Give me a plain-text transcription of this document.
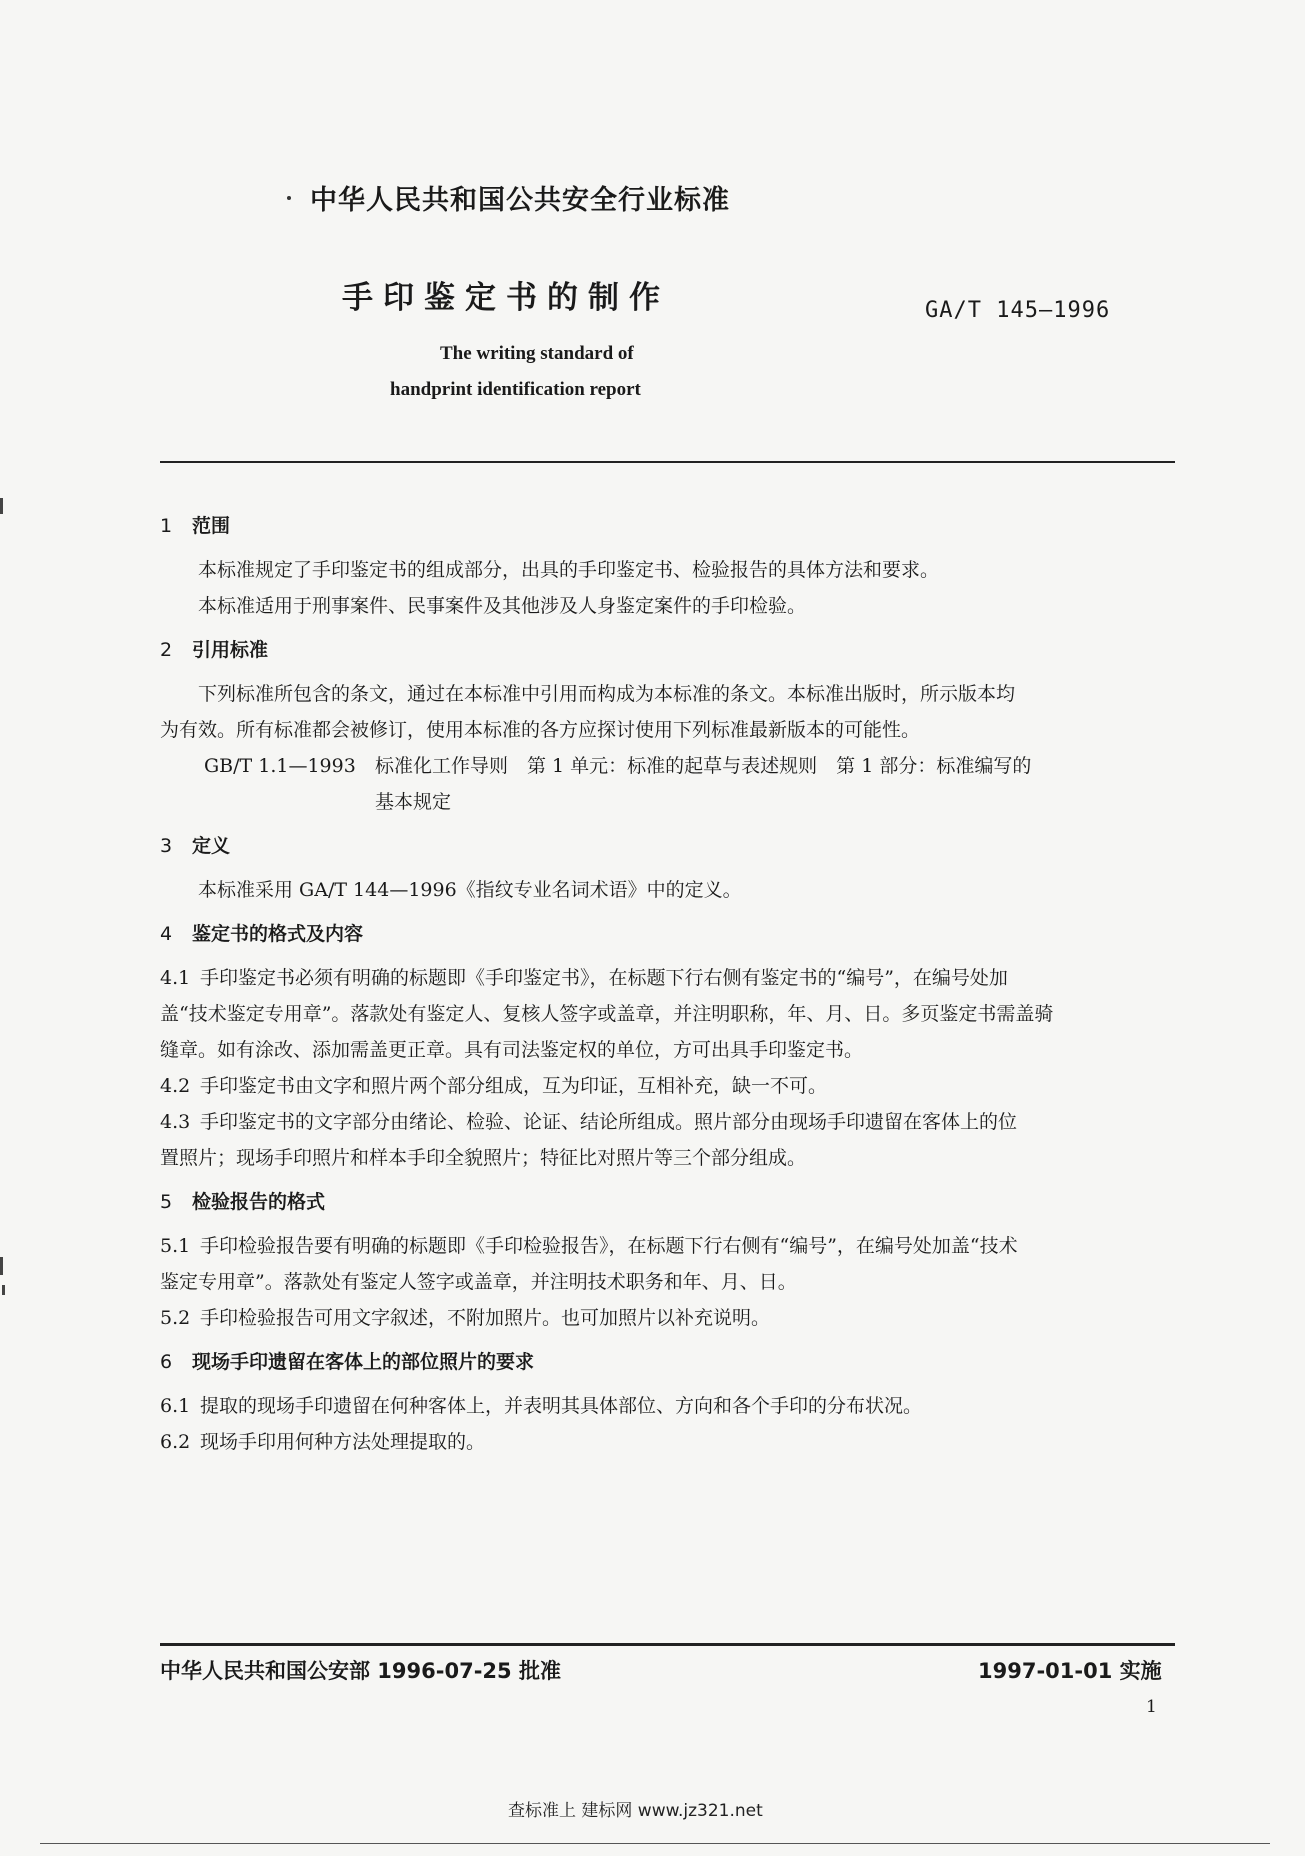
中华人民共和国公共安全行业标准
手印鉴定书的制作	GA/T 145—1996
The writing standard of
handprint identification report
1 范围

本标准规定了手印鉴定书的组成部分，出具的手印鉴定书、检验报告的具体方法和要求。

本标准适用于刑事案件、民事案件及其他涉及人身鉴定案件的手印检验。

2 引用标准

下列标准所包含的条文，通过在本标准中引用而构成为本标准的条文。本标准出版时，所示版本均

为有效。所有标准都会被修订，使用本标准的各方应探讨使用下列标准最新版本的可能性。

GB/T 1.1—1993	标准化工作导则　第 1 单元：标准的起草与表述规则　第 1 部分：标准编写的
基本规定
3 定义

本标准采用 GA/T 144—1996《指纹专业名词术语》中的定义。

4 鉴定书的格式及内容

4.1 手印鉴定书必须有明确的标题即《手印鉴定书》，在标题下行右侧有鉴定书的“编号”，在编号处加

盖“技术鉴定专用章”。落款处有鉴定人、复核人签字或盖章，并注明职称，年、月、日。多页鉴定书需盖骑

缝章。如有涂改、添加需盖更正章。具有司法鉴定权的单位，方可出具手印鉴定书。

4.2 手印鉴定书由文字和照片两个部分组成，互为印证，互相补充，缺一不可。

4.3 手印鉴定书的文字部分由绪论、检验、论证、结论所组成。照片部分由现场手印遗留在客体上的位

置照片；现场手印照片和样本手印全貌照片；特征比对照片等三个部分组成。

5 检验报告的格式

5.1 手印检验报告要有明确的标题即《手印检验报告》，在标题下行右侧有“编号”，在编号处加盖“技术

鉴定专用章”。落款处有鉴定人签字或盖章，并注明技术职务和年、月、日。

5.2 手印检验报告可用文字叙述，不附加照片。也可加照片以补充说明。

6 现场手印遗留在客体上的部位照片的要求

6.1 提取的现场手印遗留在何种客体上，并表明其具体部位、方向和各个手印的分布状况。

6.2 现场手印用何种方法处理提取的。

中华人民共和国公安部 1996-07-25 批准	1997-01-01 实施
1
查标准上 建标网 www.jz321.net
